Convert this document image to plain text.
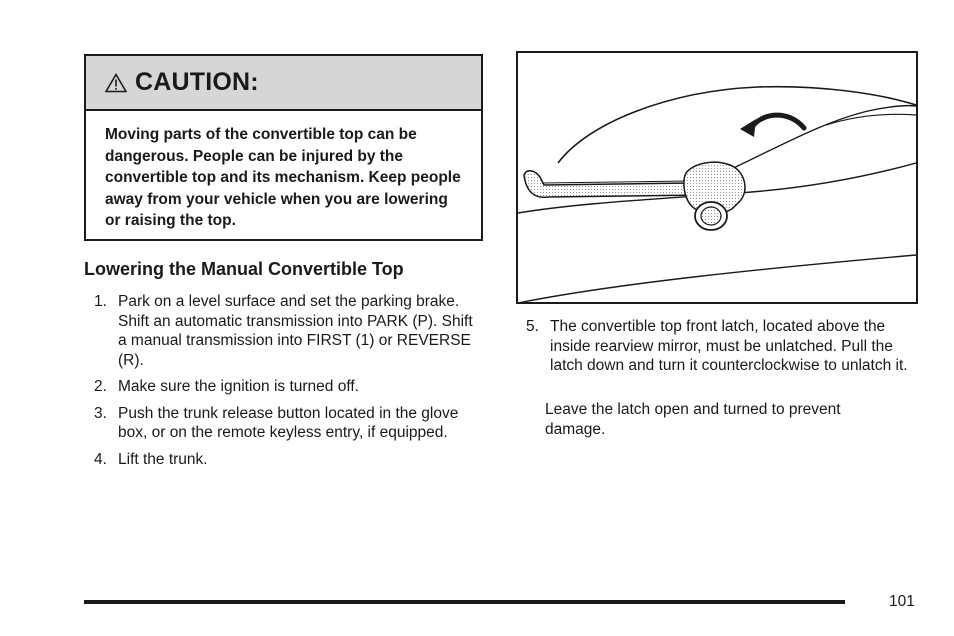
CAUTION:
Moving parts of the convertible top can be dangerous. People can be injured by the convertible top and its mechanism. Keep people away from your vehicle when you are lowering or raising the top.
Lowering the Manual Convertible Top
1. Park on a level surface and set the parking brake. Shift an automatic transmission into PARK (P). Shift a manual transmission into FIRST (1) or REVERSE (R).
2. Make sure the ignition is turned off.
3. Push the trunk release button located in the glove box, or on the remote keyless entry, if equipped.
4. Lift the trunk.
5. The convertible top front latch, located above the inside rearview mirror, must be unlatched. Pull the latch down and turn it counterclockwise to unlatch it.
Leave the latch open and turned to prevent damage.
101
